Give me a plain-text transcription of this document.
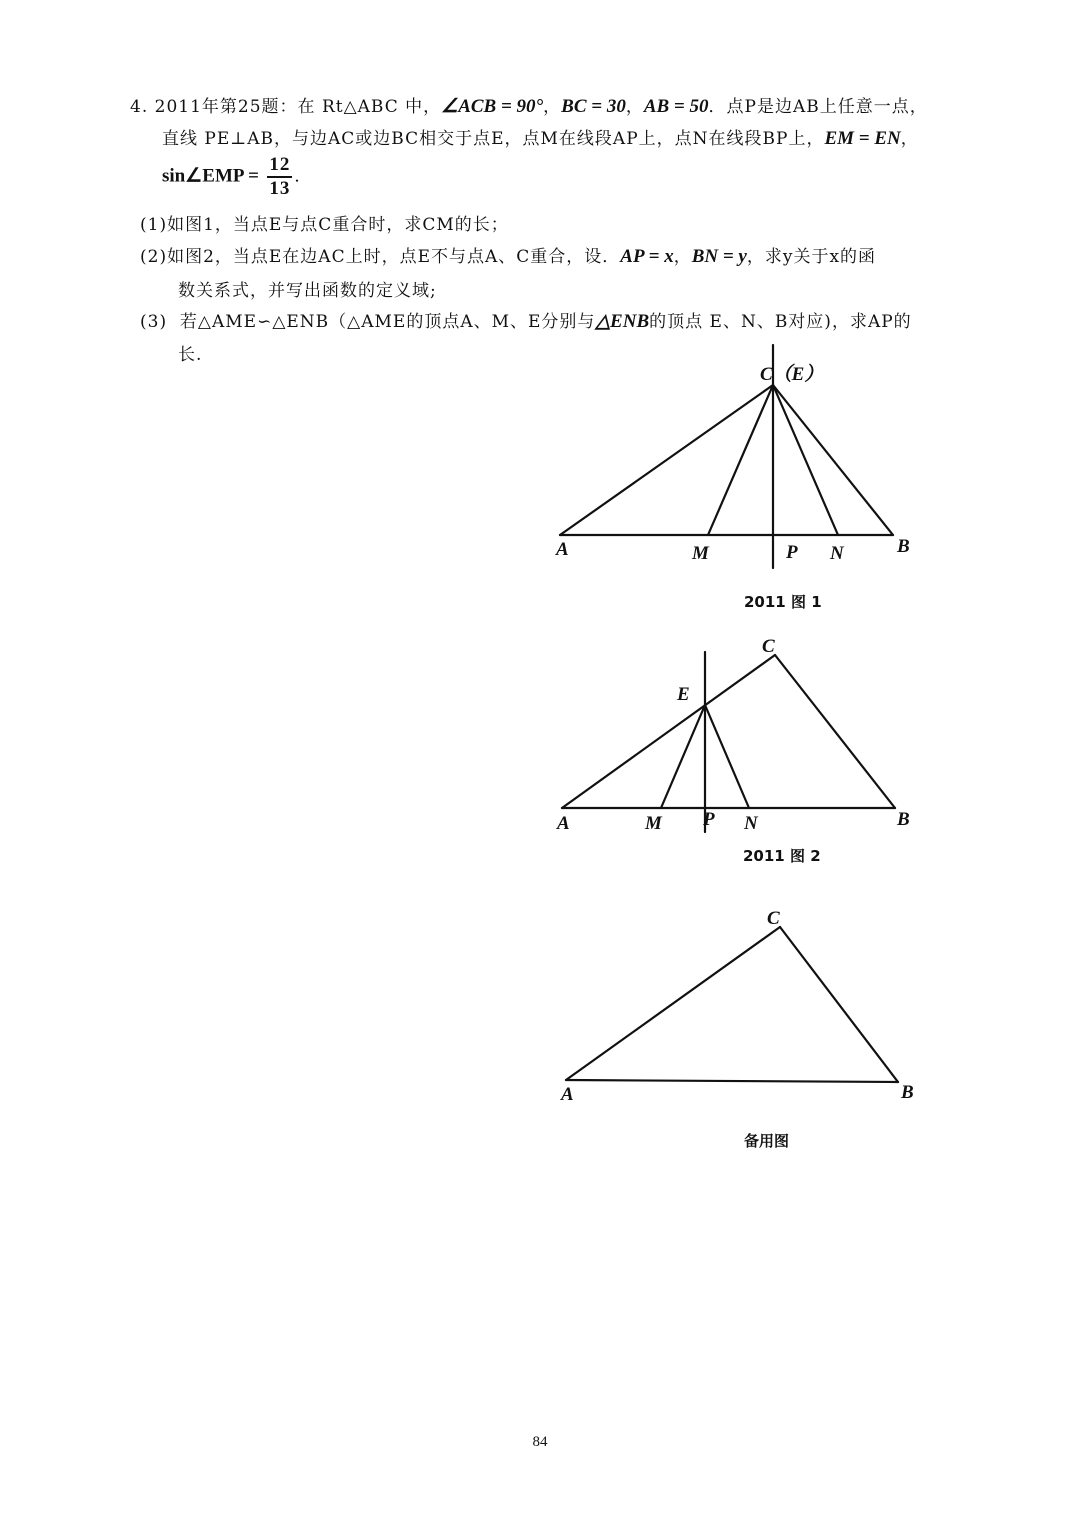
4. 2011年第25题：在 Rt△ABC 中，∠ACB = 90°，BC = 30，AB = 50．点P是边AB上任意一点，
直线 PE⊥AB，与边AC或边BC相交于点E，点M在线段AP上，点N在线段BP上，EM = EN，
sin∠EMP = $\frac{12}{13}$ ．
(1)如图1，当点E与点C重合时，求CM的长；
(2)如图2，当点E在边AC上时，点E不与点A、C重合，设．AP = x，BN = y，求y关于x的函
数关系式，并写出函数的定义域;
(3) 若△AME∽△ENB（△AME的顶点A、M、E分别与△ENB的顶点 E、N、B对应)，求AP的
长.
C（E）
A	M	P N	B
C
E
A	M P N	B
C
A	B
2011 图 1
2011 图 2
备用图
84
